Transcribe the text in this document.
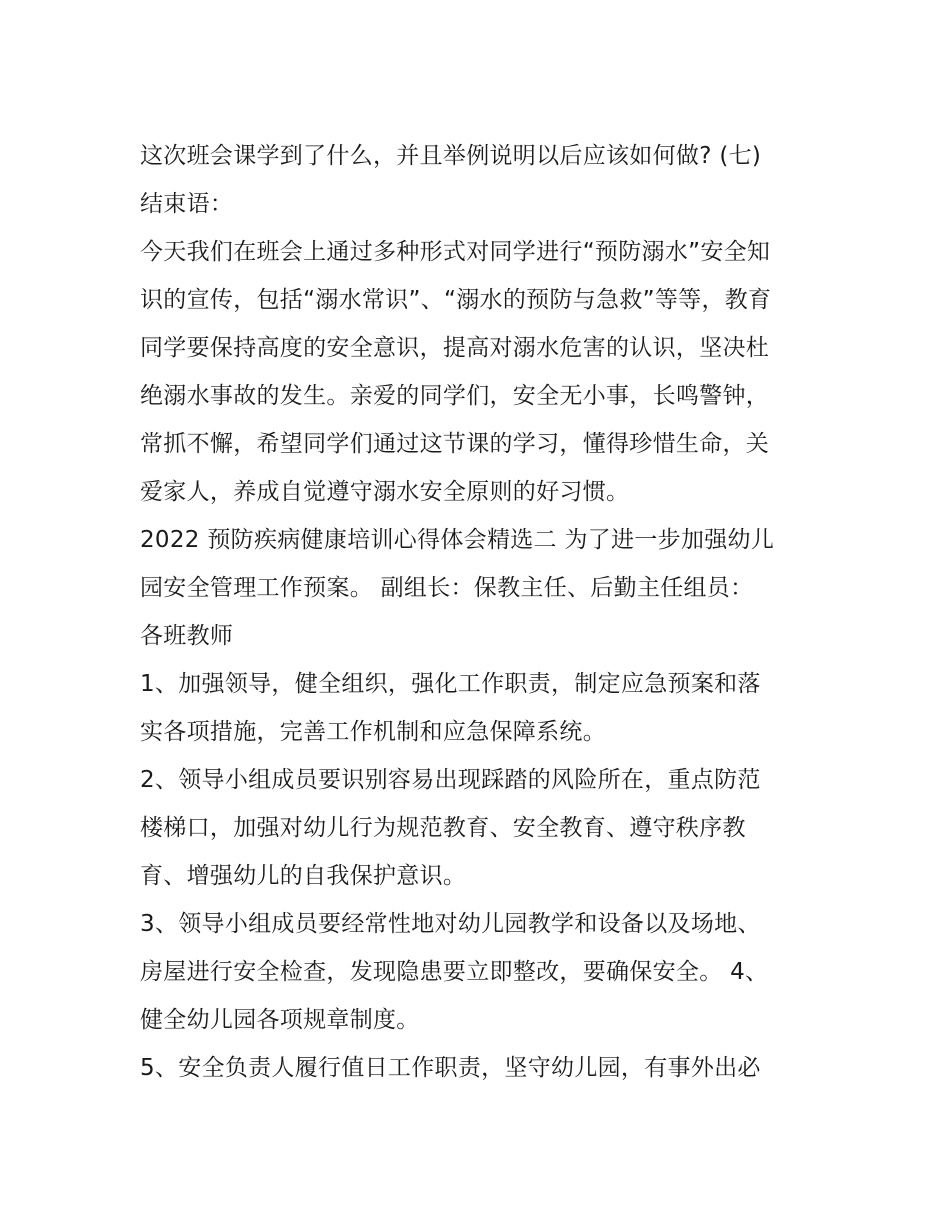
这次班会课学到了什么，并且举例说明以后应该如何做? (七)
结束语：
今天我们在班会上通过多种形式对同学进行“预防溺水”安全知
识的宣传，包括“溺水常识”、“溺水的预防与急救”等等，教育
同学要保持高度的安全意识，提高对溺水危害的认识，坚决杜
绝溺水事故的发生。亲爱的同学们，安全无小事，长鸣警钟，
常抓不懈，希望同学们通过这节课的学习，懂得珍惜生命，关
爱家人，养成自觉遵守溺水安全原则的好习惯。
2022 预防疾病健康培训心得体会精选二 为了进一步加强幼儿
园安全管理工作预案。 副组长：保教主任、后勤主任组员：
各班教师
1、加强领导，健全组织，强化工作职责，制定应急预案和落
实各项措施，完善工作机制和应急保障系统。
2、领导小组成员要识别容易出现踩踏的风险所在，重点防范
楼梯口，加强对幼儿行为规范教育、安全教育、遵守秩序教
育、增强幼儿的自我保护意识。
3、领导小组成员要经常性地对幼儿园教学和设备以及场地、
房屋进行安全检查，发现隐患要立即整改，要确保安全。 4、
健全幼儿园各项规章制度。
5、安全负责人履行值日工作职责，坚守幼儿园，有事外出必
